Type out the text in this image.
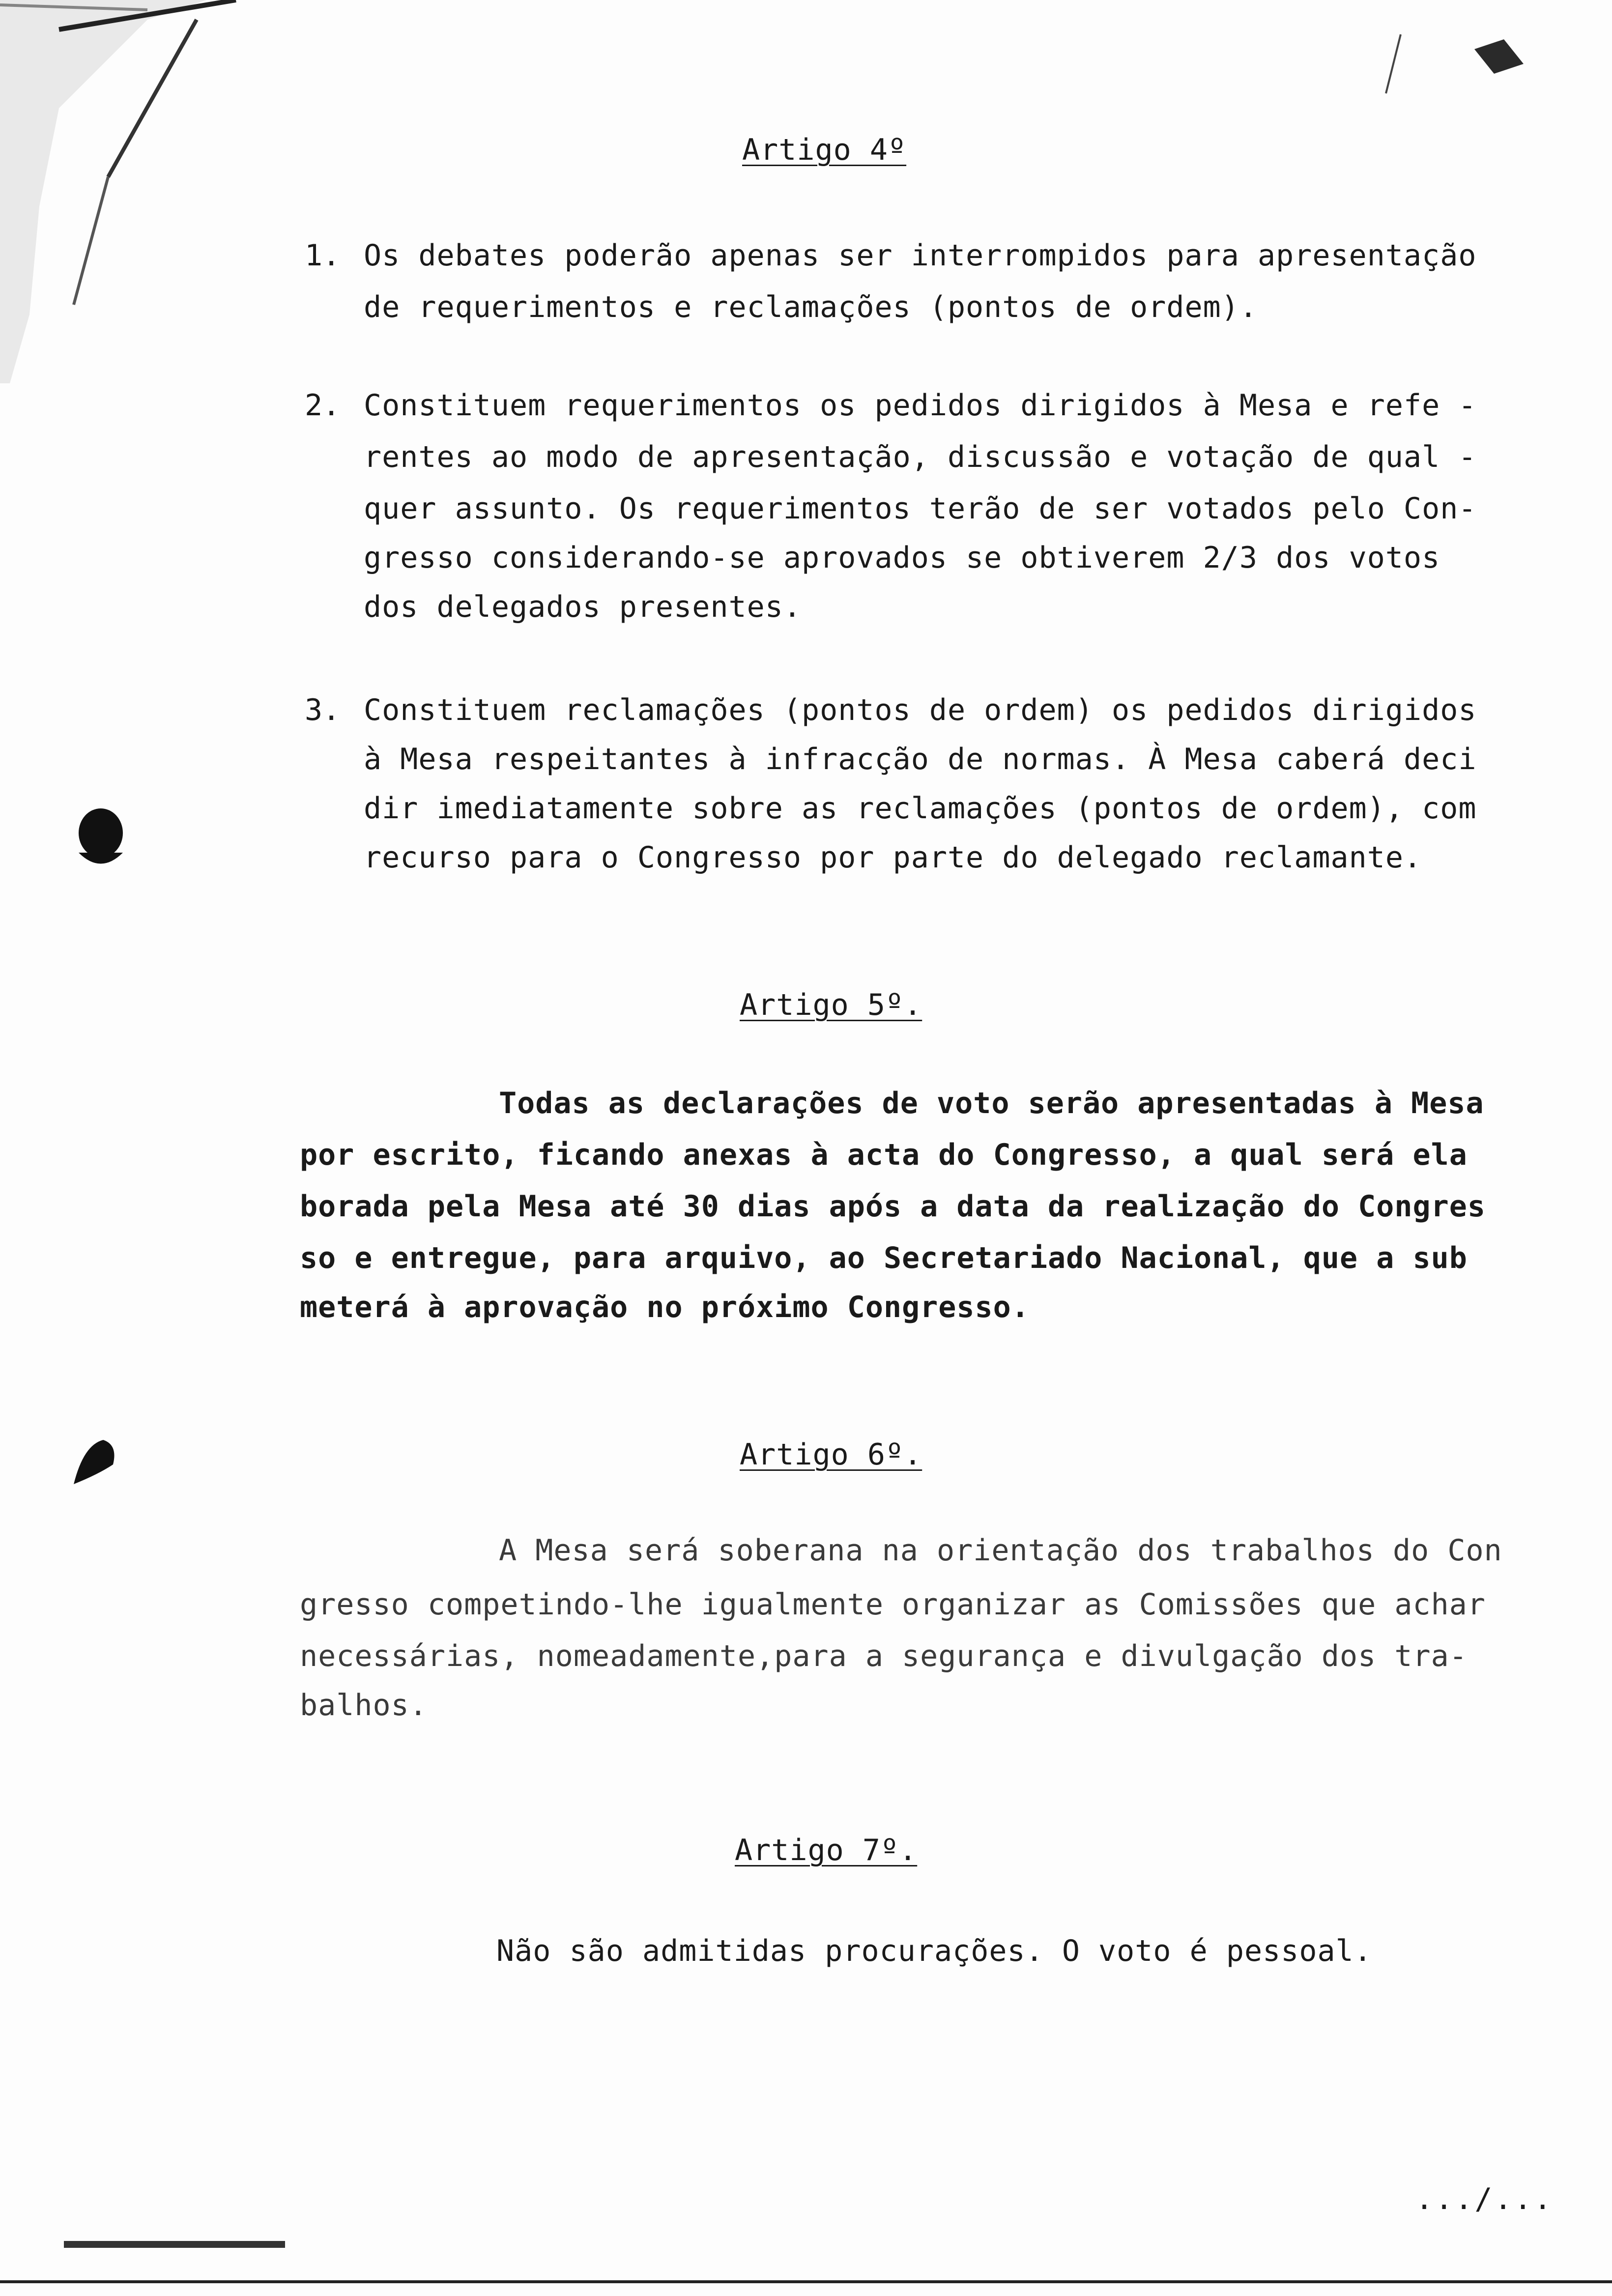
Artigo 4º
1. Os debates poderão apenas ser interrompidos para apresentação
de requerimentos e reclamações (pontos de ordem).
2. Constituem requerimentos os pedidos dirigidos à Mesa e refe -
rentes ao modo de apresentação, discussão e votação de qual -
quer assunto. Os requerimentos terão de ser votados pelo Con-
gresso considerando-se aprovados se obtiverem 2/3 dos votos
dos delegados presentes.
3. Constituem reclamações (pontos de ordem) os pedidos dirigidos
à Mesa respeitantes à infracção de normas. À Mesa caberá deci
dir imediatamente sobre as reclamações (pontos de ordem), com
recurso para o Congresso por parte do delegado reclamante.
Artigo 5º.
Todas as declarações de voto serão apresentadas à Mesa
por escrito, ficando anexas à acta do Congresso, a qual será ela
borada pela Mesa até 30 dias após a data da realização do Congres
so e entregue, para arquivo, ao Secretariado Nacional, que a sub
meterá à aprovação no próximo Congresso.
Artigo 6º.
A Mesa será soberana na orientação dos trabalhos do Con
gresso competindo-lhe igualmente organizar as Comissões que achar
necessárias, nomeadamente,para a segurança e divulgação dos tra-
balhos.
Artigo 7º.
Não são admitidas procurações. O voto é pessoal.
.../...
